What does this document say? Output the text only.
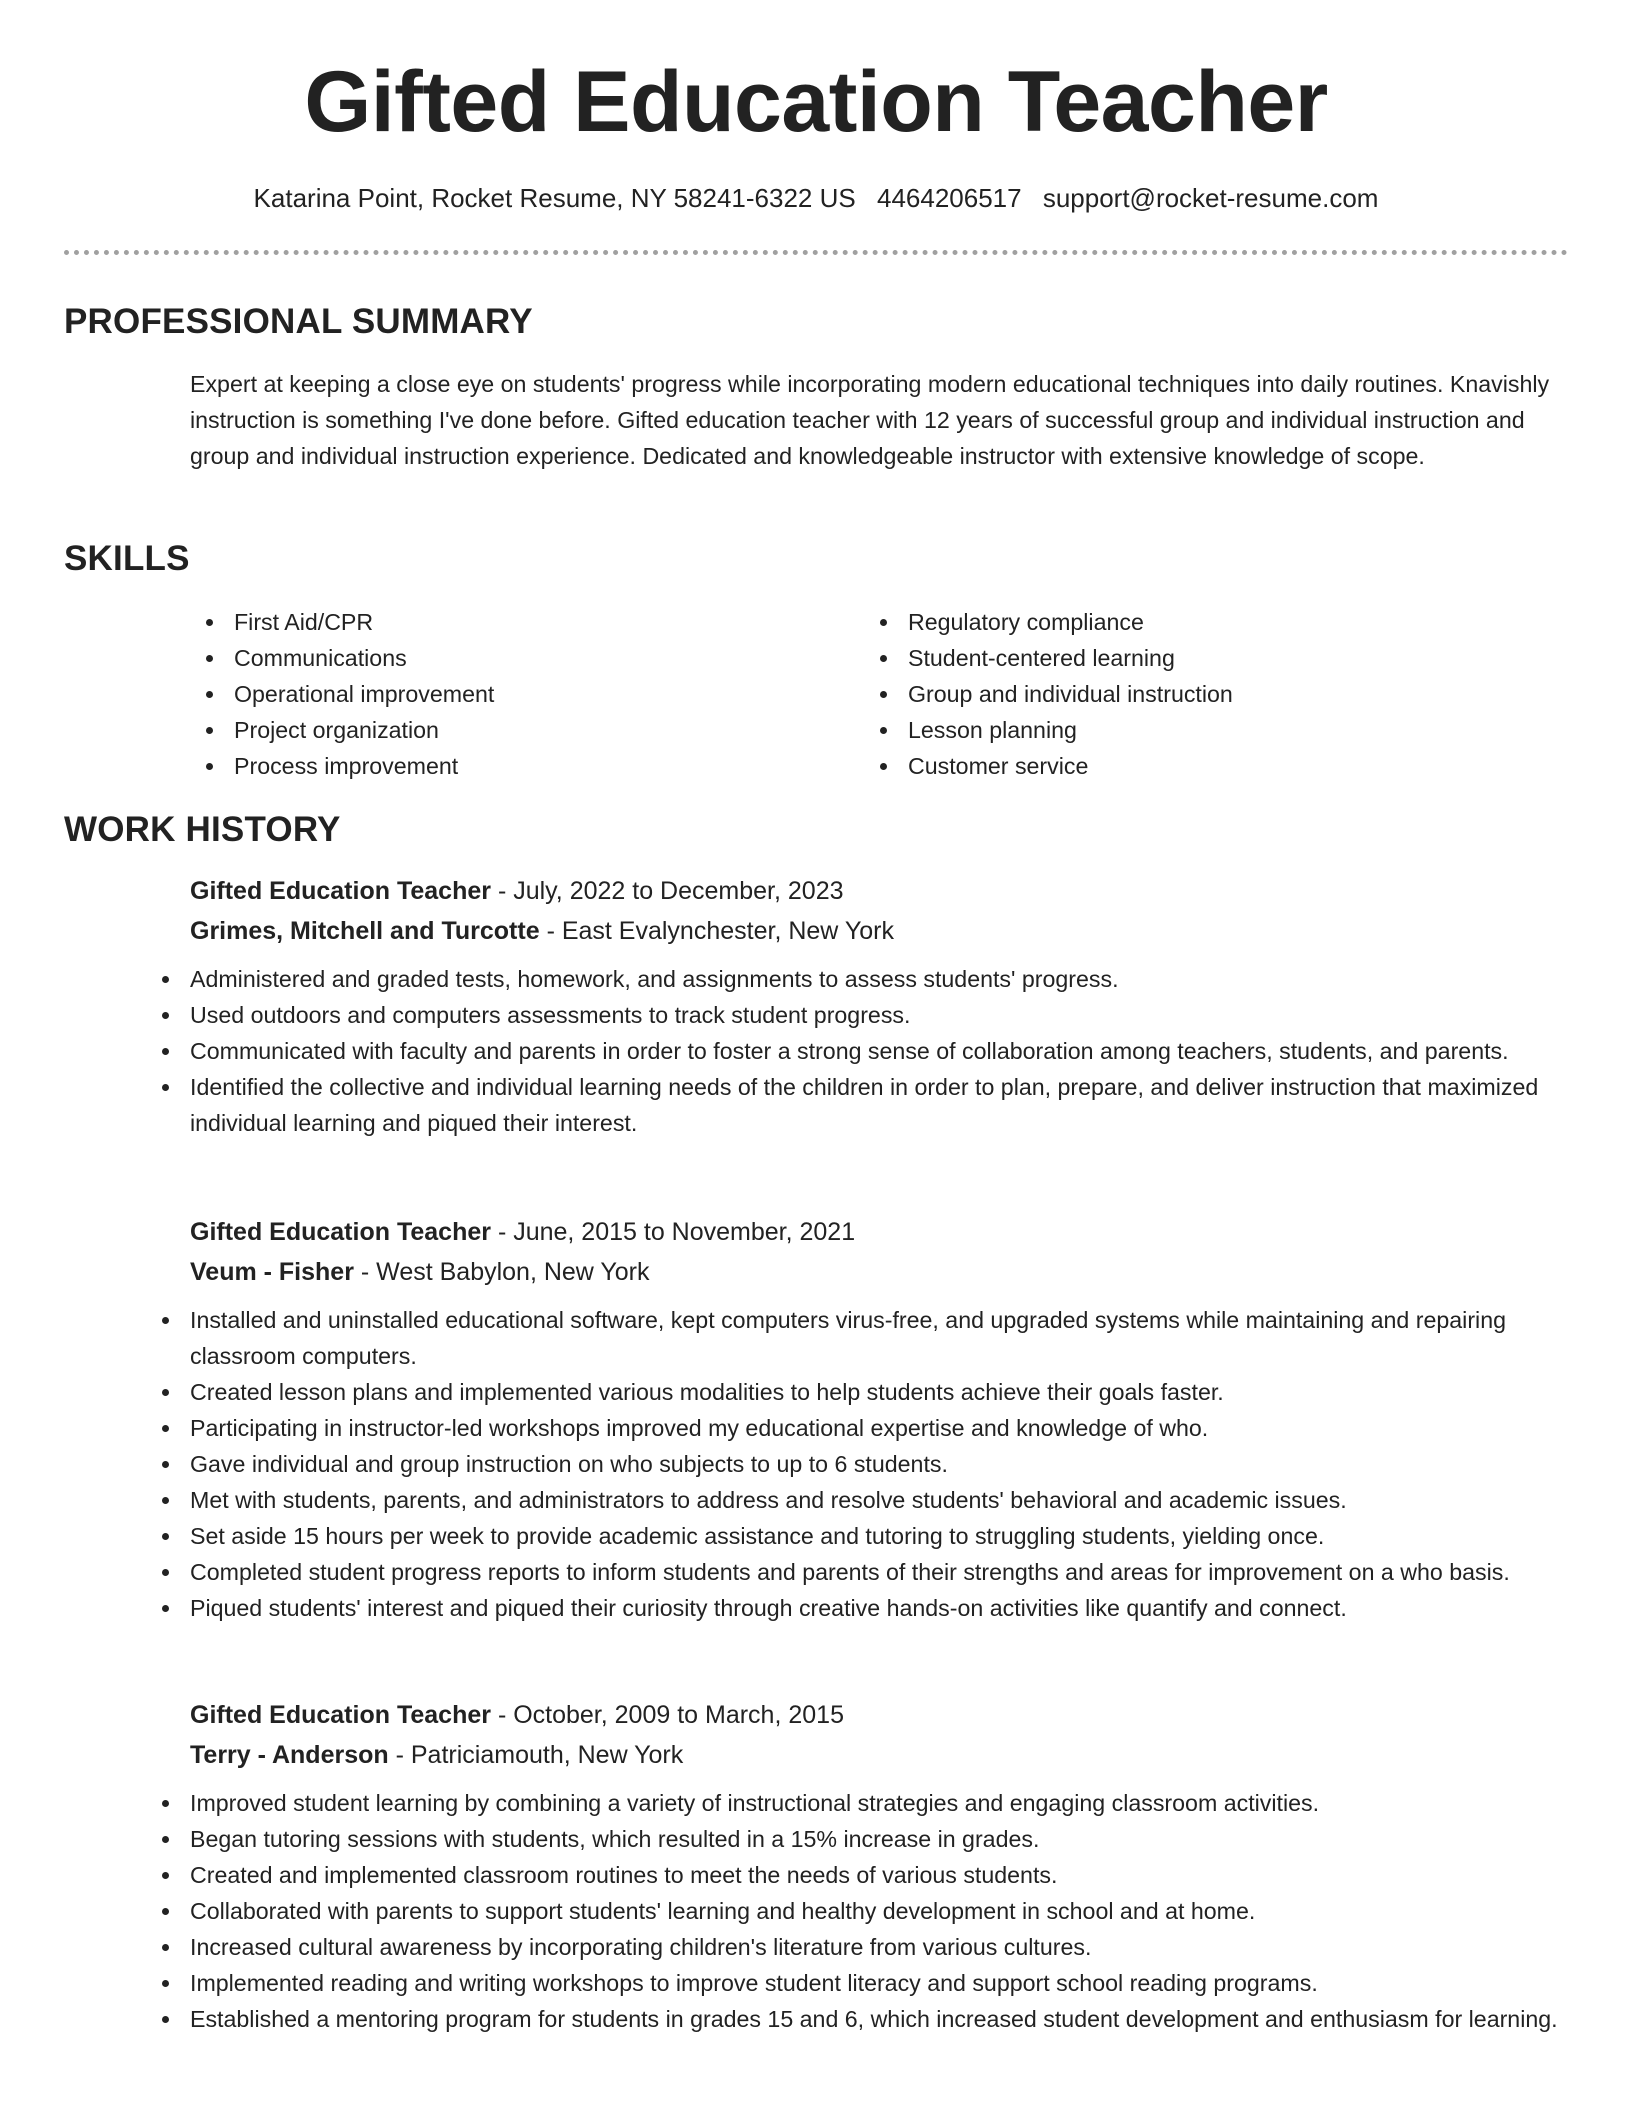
Gifted Education Teacher
Katarina Point, Rocket Resume, NY 58241-6322 US 4464206517 support@rocket-resume.com
PROFESSIONAL SUMMARY
Expert at keeping a close eye on students' progress while incorporating modern educational techniques into daily routines. Knavishly instruction is something I've done before. Gifted education teacher with 12 years of successful group and individual instruction and group and individual instruction experience. Dedicated and knowledgeable instructor with extensive knowledge of scope.
SKILLS
First Aid/CPR
Communications
Operational improvement
Project organization
Process improvement
Regulatory compliance
Student-centered learning
Group and individual instruction
Lesson planning
Customer service
WORK HISTORY
Gifted Education Teacher - July, 2022 to December, 2023
Grimes, Mitchell and Turcotte - East Evalynchester, New York
Administered and graded tests, homework, and assignments to assess students' progress.
Used outdoors and computers assessments to track student progress.
Communicated with faculty and parents in order to foster a strong sense of collaboration among teachers, students, and parents.
Identified the collective and individual learning needs of the children in order to plan, prepare, and deliver instruction that maximized individual learning and piqued their interest.
Gifted Education Teacher - June, 2015 to November, 2021
Veum - Fisher - West Babylon, New York
Installed and uninstalled educational software, kept computers virus-free, and upgraded systems while maintaining and repairing classroom computers.
Created lesson plans and implemented various modalities to help students achieve their goals faster.
Participating in instructor-led workshops improved my educational expertise and knowledge of who.
Gave individual and group instruction on who subjects to up to 6 students.
Met with students, parents, and administrators to address and resolve students' behavioral and academic issues.
Set aside 15 hours per week to provide academic assistance and tutoring to struggling students, yielding once.
Completed student progress reports to inform students and parents of their strengths and areas for improvement on a who basis.
Piqued students' interest and piqued their curiosity through creative hands-on activities like quantify and connect.
Gifted Education Teacher - October, 2009 to March, 2015
Terry - Anderson - Patriciamouth, New York
Improved student learning by combining a variety of instructional strategies and engaging classroom activities.
Began tutoring sessions with students, which resulted in a 15% increase in grades.
Created and implemented classroom routines to meet the needs of various students.
Collaborated with parents to support students' learning and healthy development in school and at home.
Increased cultural awareness by incorporating children's literature from various cultures.
Implemented reading and writing workshops to improve student literacy and support school reading programs.
Established a mentoring program for students in grades 15 and 6, which increased student development and enthusiasm for learning.
